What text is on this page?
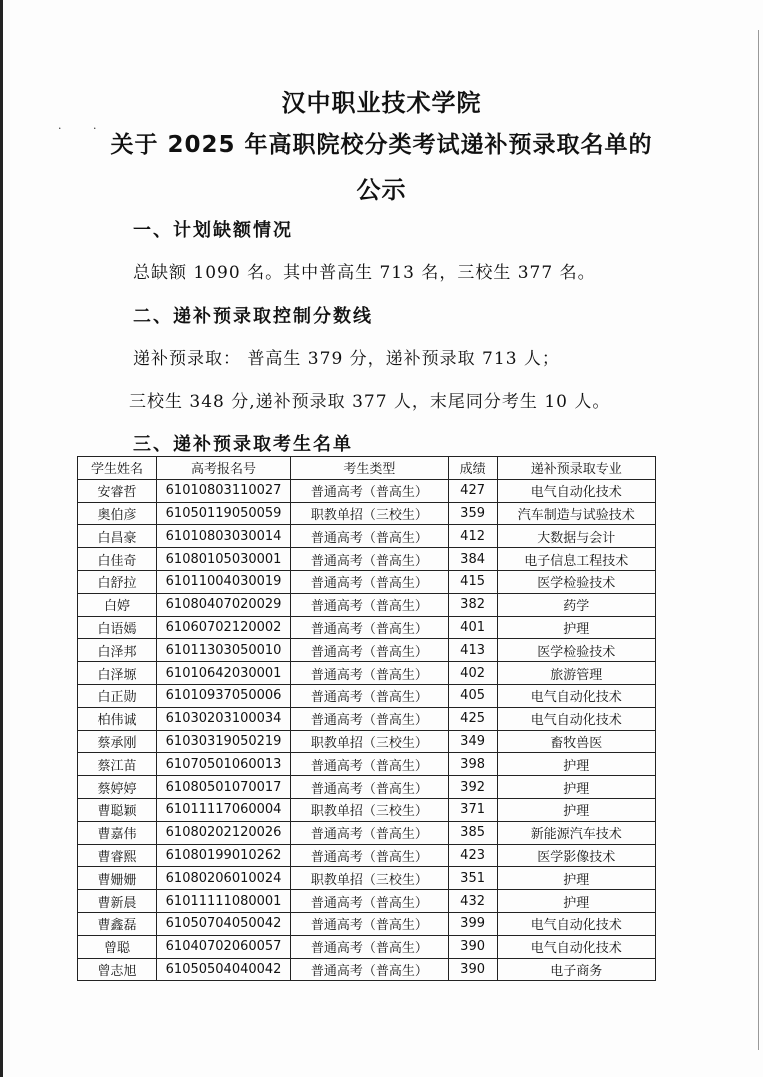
· ·
汉中职业技术学院
关于 2025 年高职院校分类考试递补预录取名单的
公示
一、计划缺额情况
总缺额 1090 名。其中普高生 713 名，三校生 377 名。
二、递补预录取控制分数线
递补预录取： 普高生 379 分，递补预录取 713 人；
三校生 348 分,递补预录取 377 人，末尾同分考生 10 人。
三、递补预录取考生名单
学生姓名	高考报名号	考生类型	成绩	递补预录取专业
安睿哲	61010803110027	普通高考（普高生）	427	电气自动化技术
奥伯彦	61050119050059	职教单招（三校生）	359	汽车制造与试验技术
白昌豪	61010803030014	普通高考（普高生）	412	大数据与会计
白佳奇	61080105030001	普通高考（普高生）	384	电子信息工程技术
白舒拉	61011004030019	普通高考（普高生）	415	医学检验技术
白婷	61080407020029	普通高考（普高生）	382	药学
白语嫣	61060702120002	普通高考（普高生）	401	护理
白泽邦	61011303050010	普通高考（普高生）	413	医学检验技术
白泽塬	61010642030001	普通高考（普高生）	402	旅游管理
白正勋	61010937050006	普通高考（普高生）	405	电气自动化技术
柏伟诚	61030203100034	普通高考（普高生）	425	电气自动化技术
蔡承刚	61030319050219	职教单招（三校生）	349	畜牧兽医
蔡江苗	61070501060013	普通高考（普高生）	398	护理
蔡婷婷	61080501070017	普通高考（普高生）	392	护理
曹聪颖	61011117060004	职教单招（三校生）	371	护理
曹嘉伟	61080202120026	普通高考（普高生）	385	新能源汽车技术
曹睿熙	61080199010262	普通高考（普高生）	423	医学影像技术
曹姗姗	61080206010024	职教单招（三校生）	351	护理
曹新晨	61011111080001	普通高考（普高生）	432	护理
曹鑫磊	61050704050042	普通高考（普高生）	399	电气自动化技术
曾聪	61040702060057	普通高考（普高生）	390	电气自动化技术
曾志旭	61050504040042	普通高考（普高生）	390	电子商务
